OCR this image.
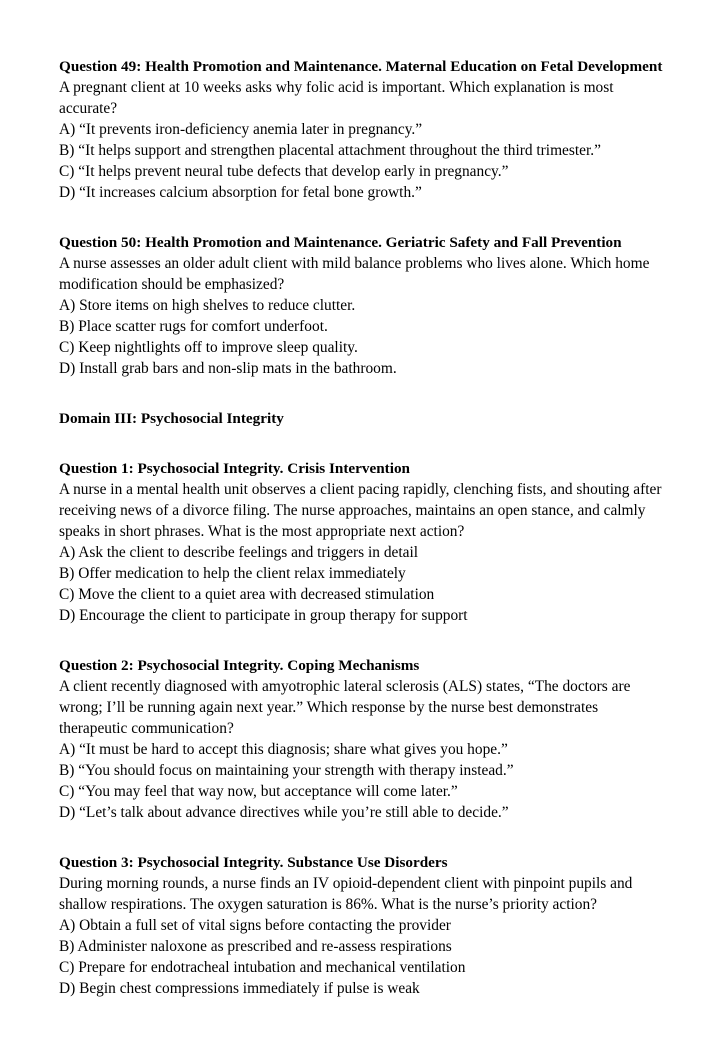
Question 49: Health Promotion and Maintenance. Maternal Education on Fetal Development

A pregnant client at 10 weeks asks why folic acid is important. Which explanation is most accurate?

A) “It prevents iron-deficiency anemia later in pregnancy.”
B) “It helps support and strengthen placental attachment throughout the third trimester.”
C) “It helps prevent neural tube defects that develop early in pregnancy.”
D) “It increases calcium absorption for fetal bone growth.”
Question 50: Health Promotion and Maintenance. Geriatric Safety and Fall Prevention

A nurse assesses an older adult client with mild balance problems who lives alone. Which home modification should be emphasized?

A) Store items on high shelves to reduce clutter.
B) Place scatter rugs for comfort underfoot.
C) Keep nightlights off to improve sleep quality.
D) Install grab bars and non-slip mats in the bathroom.
Domain III: Psychosocial Integrity
Question 1: Psychosocial Integrity. Crisis Intervention

A nurse in a mental health unit observes a client pacing rapidly, clenching fists, and shouting after receiving news of a divorce filing. The nurse approaches, maintains an open stance, and calmly speaks in short phrases. What is the most appropriate next action?

A) Ask the client to describe feelings and triggers in detail
B) Offer medication to help the client relax immediately
C) Move the client to a quiet area with decreased stimulation
D) Encourage the client to participate in group therapy for support
Question 2: Psychosocial Integrity. Coping Mechanisms

A client recently diagnosed with amyotrophic lateral sclerosis (ALS) states, “The doctors are wrong; I’ll be running again next year.” Which response by the nurse best demonstrates therapeutic communication?

A) “It must be hard to accept this diagnosis; share what gives you hope.”
B) “You should focus on maintaining your strength with therapy instead.”
C) “You may feel that way now, but acceptance will come later.”
D) “Let’s talk about advance directives while you’re still able to decide.”
Question 3: Psychosocial Integrity. Substance Use Disorders

During morning rounds, a nurse finds an IV opioid-dependent client with pinpoint pupils and shallow respirations. The oxygen saturation is 86%. What is the nurse’s priority action?

A) Obtain a full set of vital signs before contacting the provider
B) Administer naloxone as prescribed and re-assess respirations
C) Prepare for endotracheal intubation and mechanical ventilation
D) Begin chest compressions immediately if pulse is weak
